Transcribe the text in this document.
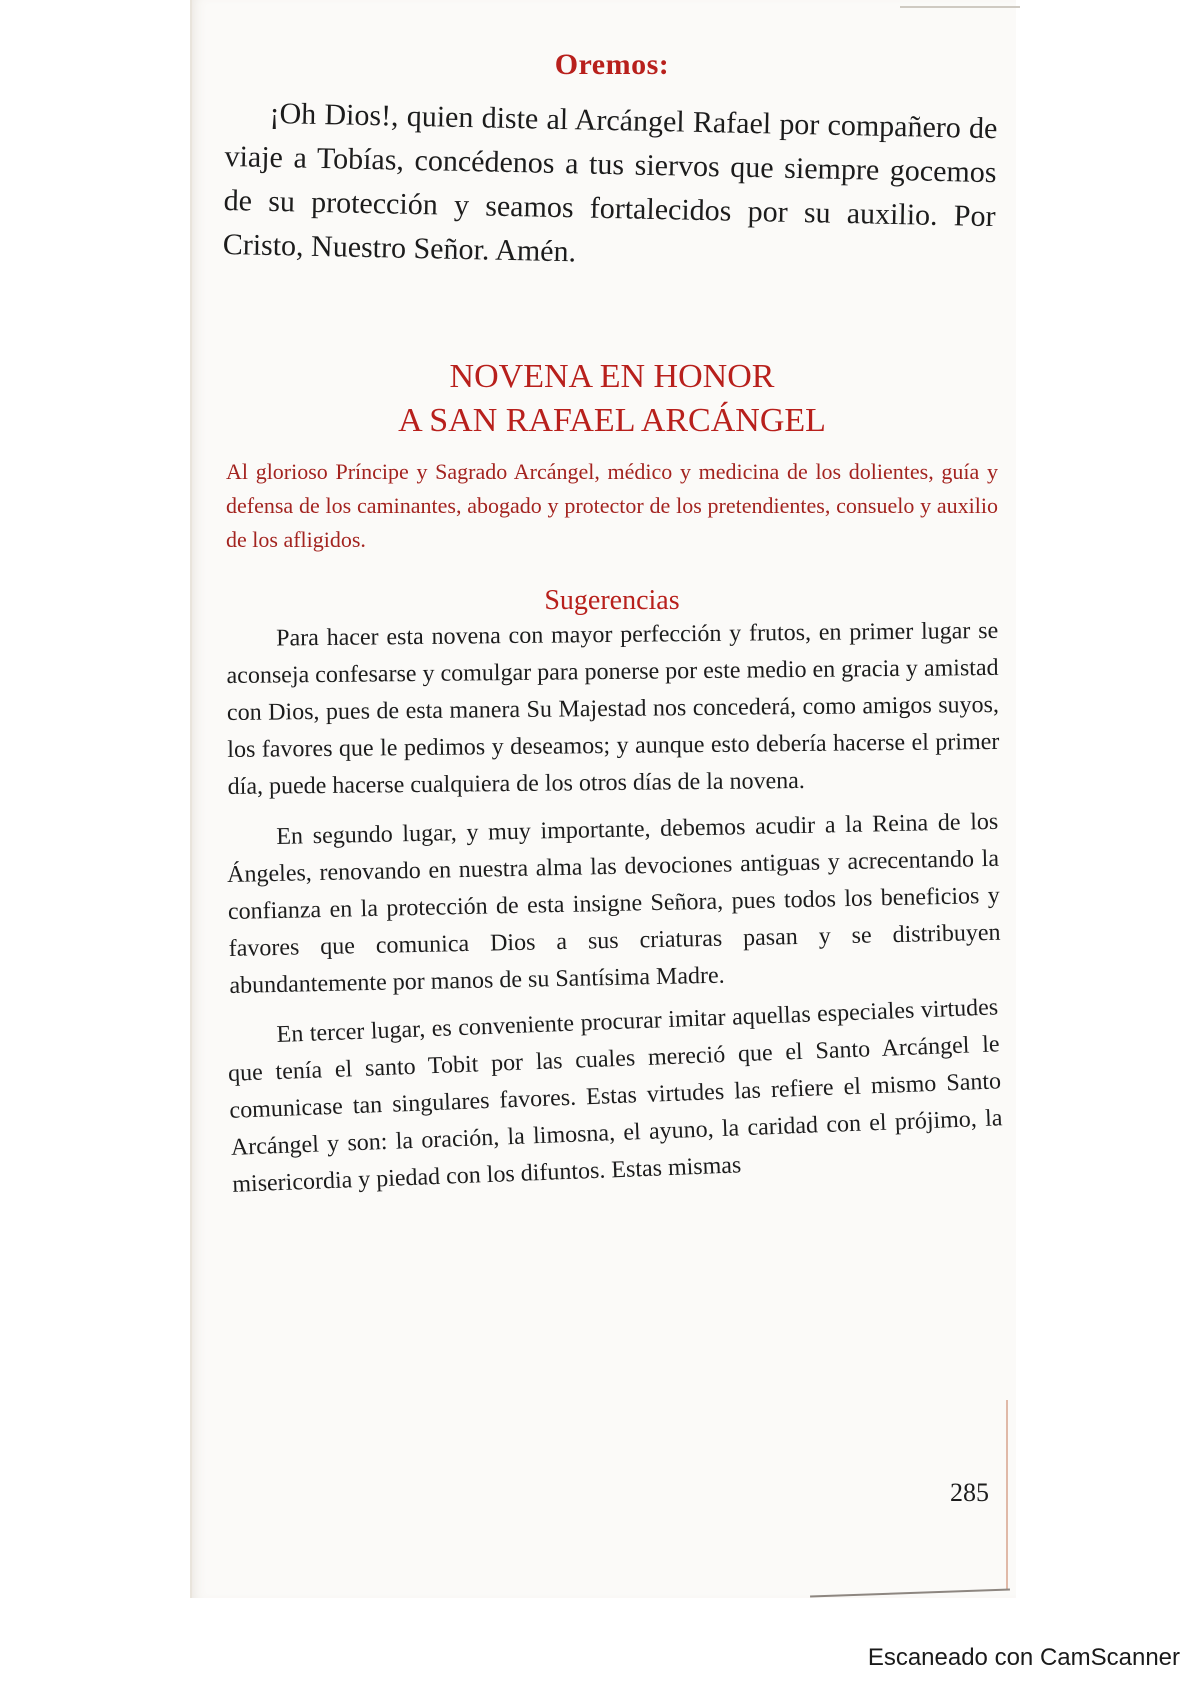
Oremos:

¡Oh Dios!, quien diste al Arcángel Rafael por compañero de viaje a Tobías, concédenos a tus siervos que siempre gocemos de su protección y seamos fortalecidos por su auxilio. Por Cristo, Nuestro Señor. Amén.

NOVENA EN HONOR
A SAN RAFAEL ARCÁNGEL

Al glorioso Príncipe y Sagrado Arcángel, médico y medicina de los dolientes, guía y defensa de los caminantes, abogado y protector de los pretendientes, consuelo y auxilio de los afligidos.

Sugerencias

Para hacer esta novena con mayor perfección y frutos, en primer lugar se aconseja confesarse y comulgar para ponerse por este medio en gracia y amistad con Dios, pues de esta manera Su Majestad nos concederá, como amigos suyos, los favores que le pedimos y deseamos; y aunque esto debería hacerse el primer día, puede hacerse cualquiera de los otros días de la novena.

En segundo lugar, y muy importante, debemos acudir a la Reina de los Ángeles, renovando en nuestra alma las devociones antiguas y acrecentando la confianza en la protección de esta insigne Señora, pues todos los beneficios y favores que comunica Dios a sus criaturas pasan y se distribuyen abundantemente por manos de su Santísima Madre.

En tercer lugar, es conveniente procurar imitar aquellas especiales virtudes que tenía el santo Tobit por las cuales mereció que el Santo Arcángel le comunicase tan singulares favores. Estas virtudes las refiere el mismo Santo Arcángel y son: la oración, la limosna, el ayuno, la caridad con el prójimo, la misericordia y piedad con los difuntos. Estas mismas

285
Escaneado con CamScanner
